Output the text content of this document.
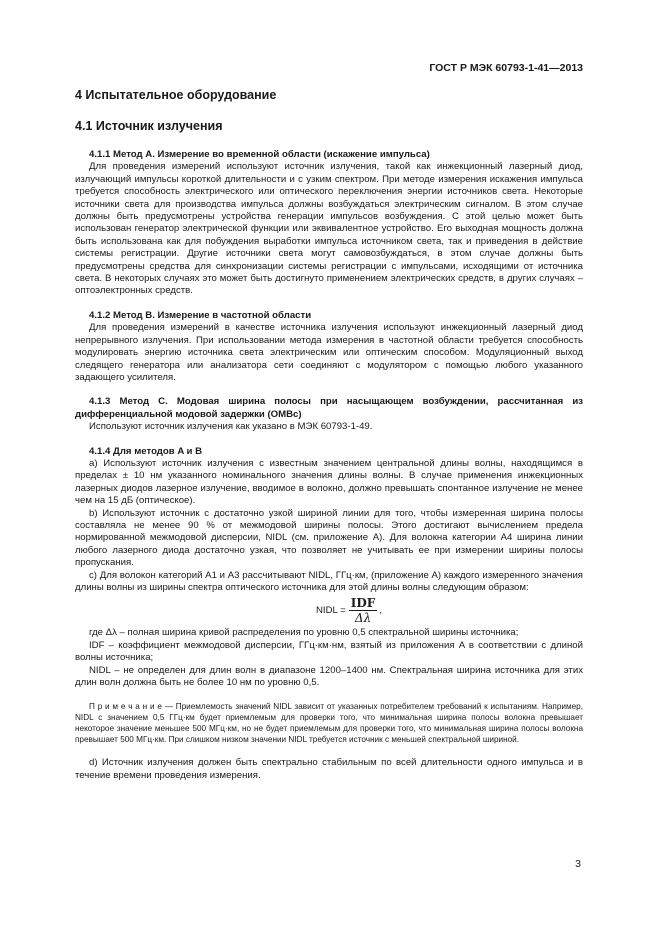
ГОСТ Р МЭК 60793-1-41—2013
4 Испытательное оборудование
4.1 Источник излучения
4.1.1 Метод A. Измерение во временной области (искажение импульса)

Для проведения измерений используют источник излучения, такой как инжекционный лазерный диод, излучающий импульсы короткой длительности и с узким спектром. При методе измерения искажения импульса требуется способность электрического или оптического переключения энергии источников света. Некоторые источники света для производства импульса должны возбуждаться электрическим сигналом. В этом случае должны быть предусмотрены устройства генерации импульсов возбуждения. С этой целью может быть использован генератор электрической функции или эквивалентное устройство. Его выходная мощность должна быть использована как для побуждения выработки импульса источником света, так и приведения в действие системы регистрации. Другие источники света могут самовозбуждаться, в этом случае должны быть предусмотрены средства для синхронизации системы регистрации с импульсами, исходящими от источника света. В некоторых случаях это может быть достигнуто применением электрических средств, в других случаях – оптоэлектронных средств.

4.1.2 Метод B. Измерение в частотной области

Для проведения измерений в качестве источника излучения используют инжекционный лазерный диод непрерывного излучения. При использовании метода измерения в частотной области требуется способность модулировать энергию источника света электрическим или оптическим способом. Модуляционный выход следящего генератора или анализатора сети соединяют с модулятором с помощью любого указанного задающего усилителя.

4.1.3 Метод C. Модовая ширина полосы при насыщающем возбуждении, рассчитанная из дифференциальной модовой задержки (OMBc)

Используют источник излучения как указано в МЭК 60793-1-49.

4.1.4 Для методов A и B

a) Используют источник излучения с известным значением центральной длины волны, находящимся в пределах ± 10 нм указанного номинального значения длины волны. В случае применения инжекционных лазерных диодов лазерное излучение, вводимое в волокно, должно превышать спонтанное излучение не менее чем на 15 дБ (оптическое).

b) Используют источник с достаточно узкой шириной линии для того, чтобы измеренная ширина полосы составляла не менее 90 % от межмодовой ширины полосы. Этого достигают вычислением предела нормированной межмодовой дисперсии, NIDL (см. приложение A). Для волокна категории A4 ширина линии любого лазерного диода достаточно узкая, что позволяет не учитывать ее при измерении ширины полосы пропускания.

c) Для волокон категорий A1 и A3 рассчитывают NIDL, ГГц·км, (приложение A) каждого измеренного значения длины волны из ширины спектра оптического источника для этой длины волны следующим образом:

NIDL = $\frac{\text{IDF}}{\Delta\lambda}$ ,

где Δλ – полная ширина кривой распределения по уровню 0,5 спектральной ширины источника;

IDF – коэффициент межмодовой дисперсии, ГГц·км·нм, взятый из приложения A в соответствии с длиной волны источника;

NIDL – не определен для длин волн в диапазоне 1200–1400 нм. Спектральная ширина источника для этих длин волн должна быть не более 10 нм по уровню 0,5.

П р и м е ч а н и е — Приемлемость значений NIDL зависит от указанных потребителем требований к испытаниям. Например, NIDL с значением 0,5 ГГц·км будет приемлемым для проверки того, что минимальная ширина полосы волокна превышает некоторое значение меньшее 500 МГц·км, но не будет приемлемым для проверки того, что минимальная ширина полосы волокна превышает 500 МГц·км. При слишком низком значении NIDL требуется источник с меньшей спектральной шириной.

d) Источник излучения должен быть спектрально стабильным по всей длительности одного импульса и в течение времени проведения измерения.

3
